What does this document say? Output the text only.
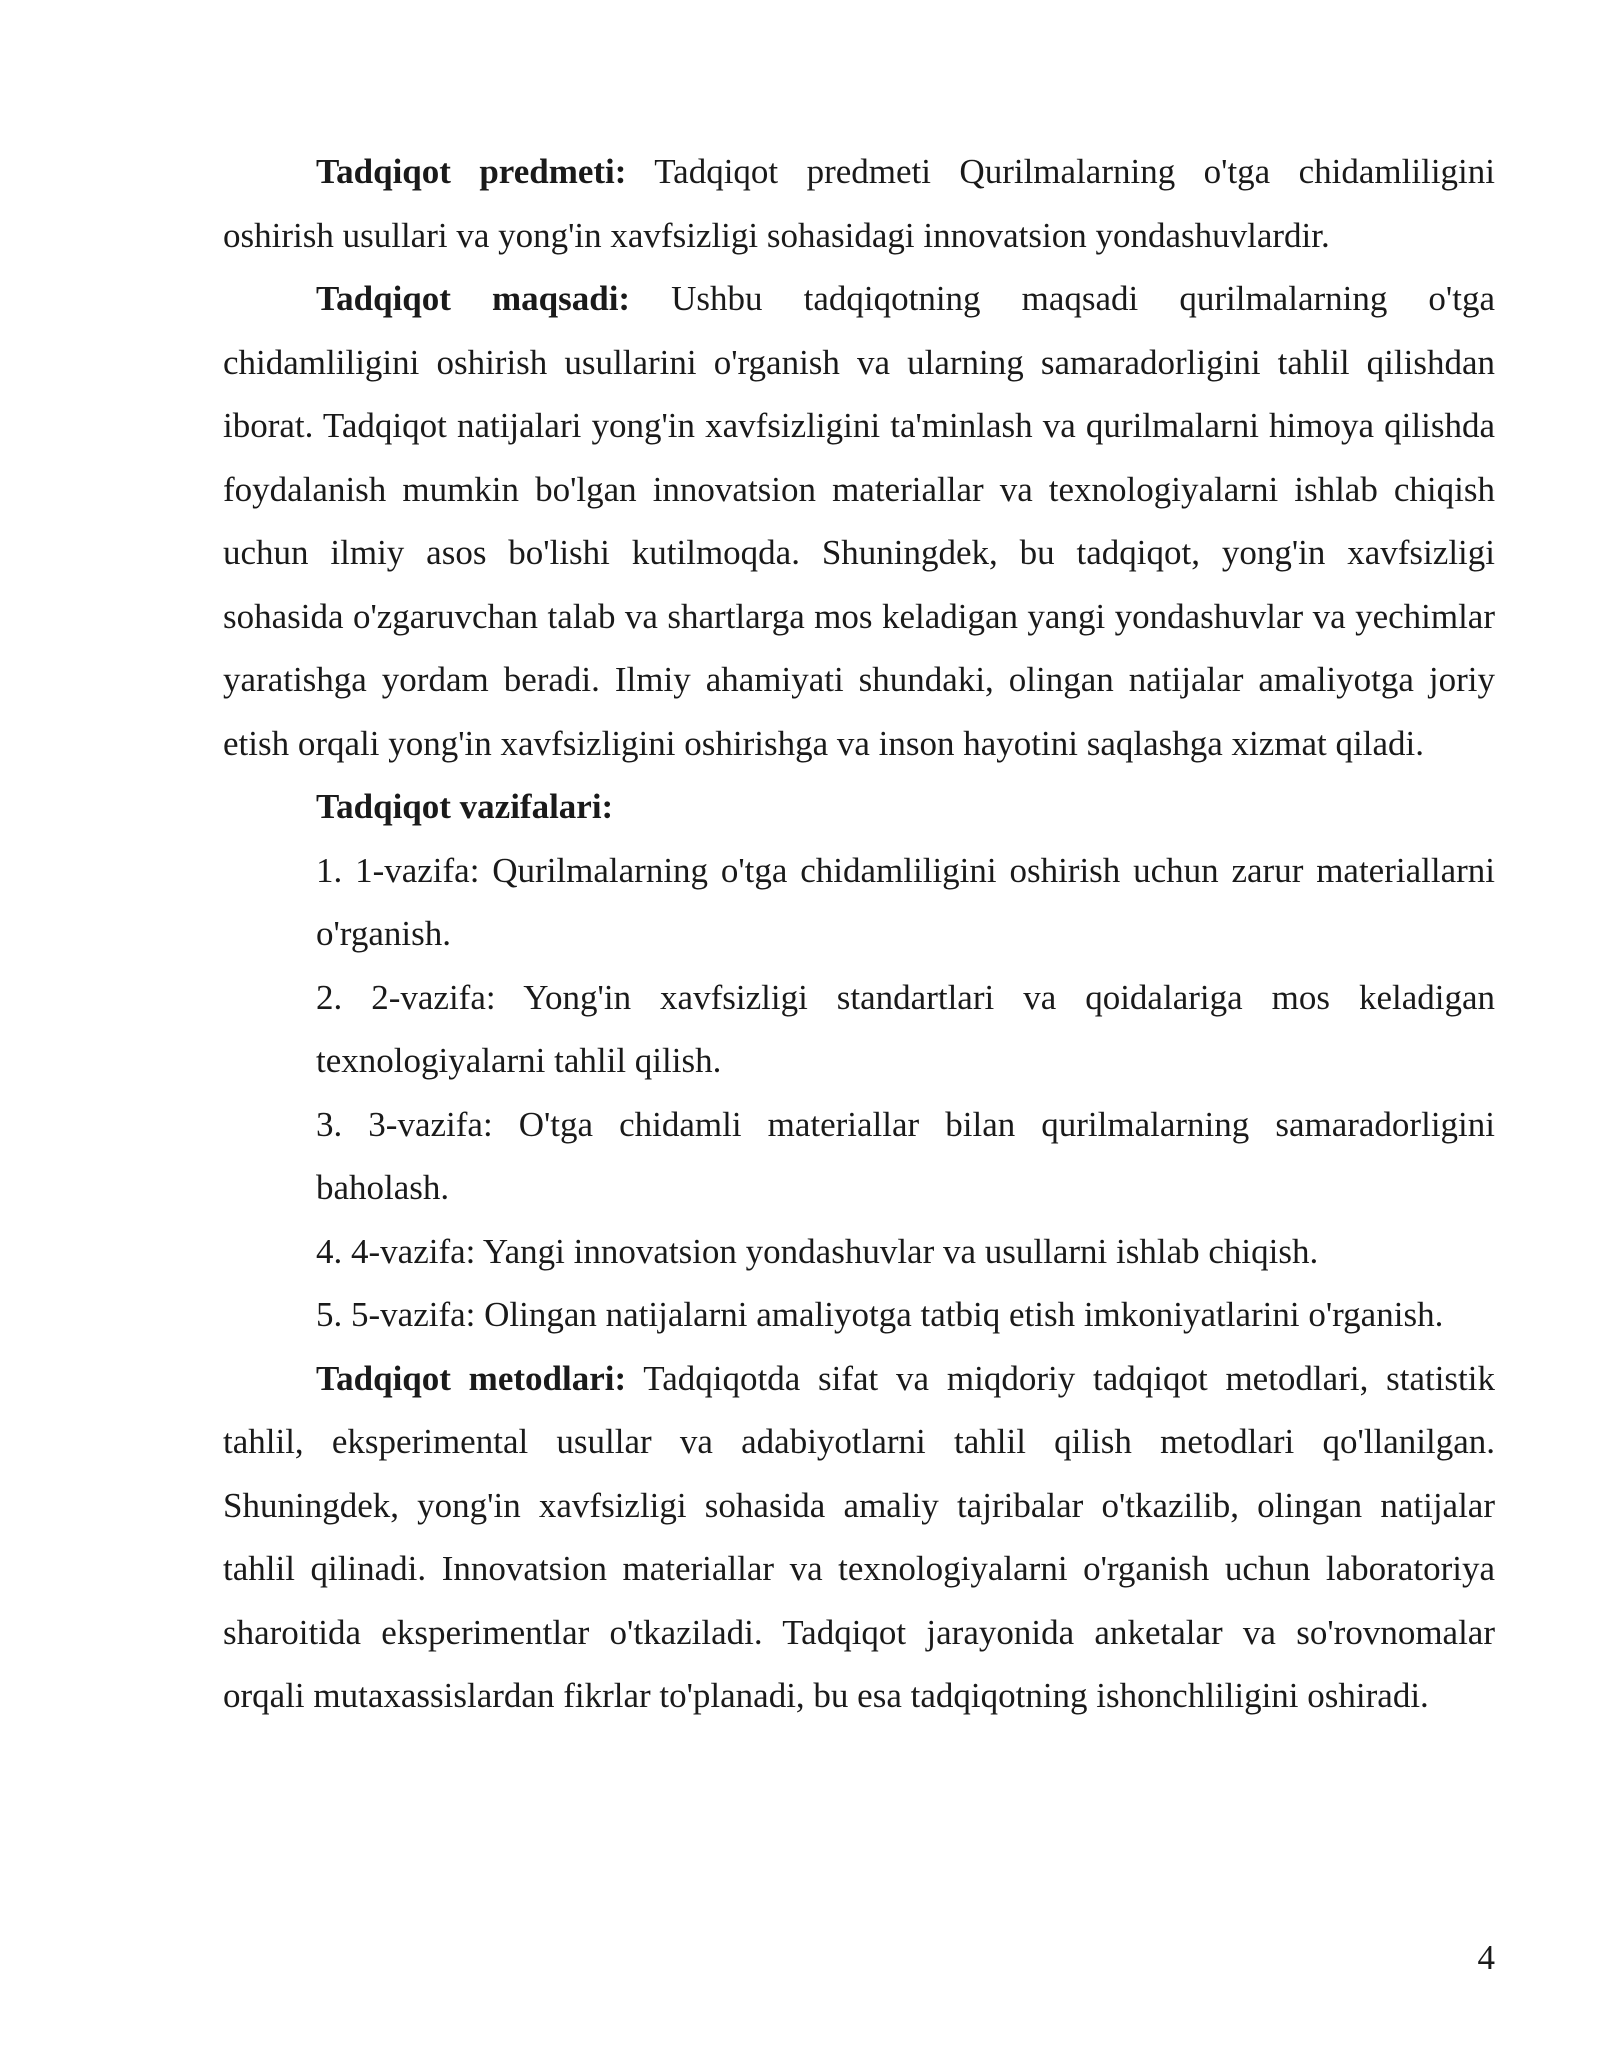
Tadqiqot predmeti: Tadqiqot predmeti Qurilmalarning o'tga chidamliligini oshirish usullari va yong'in xavfsizligi sohasidagi innovatsion yondashuvlardir.

Tadqiqot maqsadi: Ushbu tadqiqotning maqsadi qurilmalarning o'tga chidamliligini oshirish usullarini o'rganish va ularning samaradorligini tahlil qilishdan iborat. Tadqiqot natijalari yong'in xavfsizligini ta'minlash va qurilmalarni himoya qilishda foydalanish mumkin bo'lgan innovatsion materiallar va texnologiyalarni ishlab chiqish uchun ilmiy asos bo'lishi kutilmoqda. Shuningdek, bu tadqiqot, yong'in xavfsizligi sohasida o'zgaruvchan talab va shartlarga mos keladigan yangi yondashuvlar va yechimlar yaratishga yordam beradi. Ilmiy ahamiyati shundaki, olingan natijalar amaliyotga joriy etish orqali yong'in xavfsizligini oshirishga va inson hayotini saqlashga xizmat qiladi.

Tadqiqot vazifalari:

1. 1-vazifa: Qurilmalarning o'tga chidamliligini oshirish uchun zarur materiallarni o'rganish.
2. 2-vazifa: Yong'in xavfsizligi standartlari va qoidalariga mos keladigan texnologiyalarni tahlil qilish.
3. 3-vazifa: O'tga chidamli materiallar bilan qurilmalarning samaradorligini baholash.
4. 4-vazifa: Yangi innovatsion yondashuvlar va usullarni ishlab chiqish.
5. 5-vazifa: Olingan natijalarni amaliyotga tatbiq etish imkoniyatlarini o'rganish.

Tadqiqot metodlari: Tadqiqotda sifat va miqdoriy tadqiqot metodlari, statistik tahlil, eksperimental usullar va adabiyotlarni tahlil qilish metodlari qo'llanilgan. Shuningdek, yong'in xavfsizligi sohasida amaliy tajribalar o'tkazilib, olingan natijalar tahlil qilinadi. Innovatsion materiallar va texnologiyalarni o'rganish uchun laboratoriya sharoitida eksperimentlar o'tkaziladi. Tadqiqot jarayonida anketalar va so'rovnomalar orqali mutaxassislardan fikrlar to'planadi, bu esa tadqiqotning ishonchliligini oshiradi.

4
